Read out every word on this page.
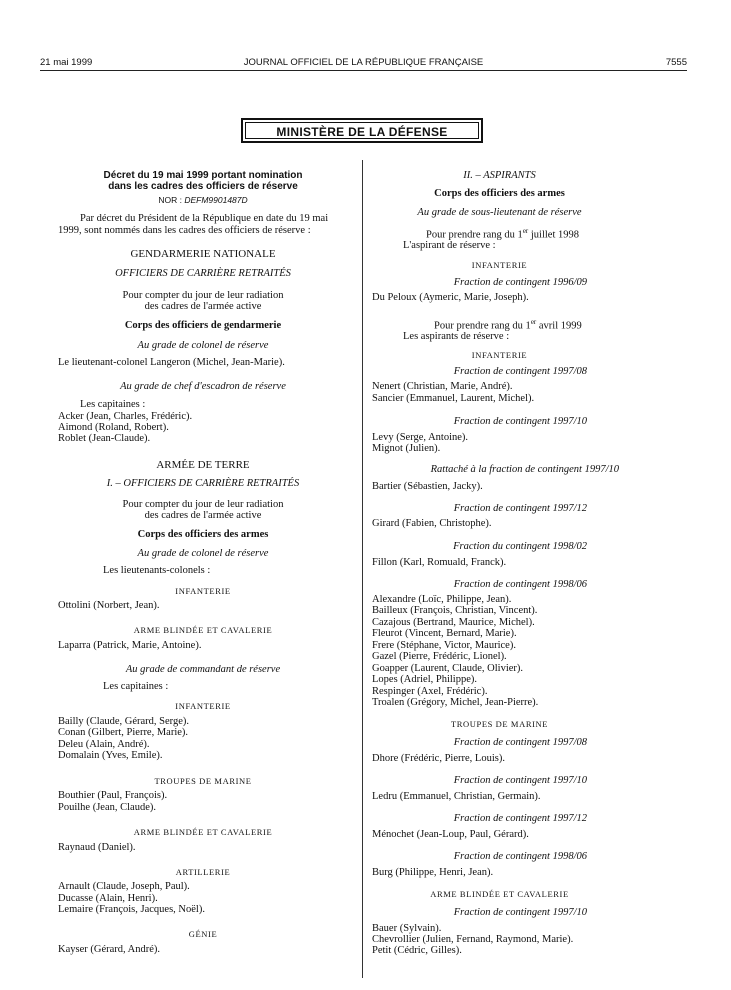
21 mai 1999	JOURNAL OFFICIEL DE LA RÉPUBLIQUE FRANÇAISE	7555
MINISTÈRE DE LA DÉFENSE
Décret du 19 mai 1999 portant nomination
dans les cadres des officiers de réserve
NOR : DEFM9901487D
Par décret du Président de la République en date du 19 mai
1999, sont nommés dans les cadres des officiers de réserve :
GENDARMERIE NATIONALE
OFFICIERS DE CARRIÈRE RETRAITÉS
Pour compter du jour de leur radiation
des cadres de l'armée active
Corps des officiers de gendarmerie
Au grade de colonel de réserve
Le lieutenant-colonel Langeron (Michel, Jean-Marie).
Au grade de chef d'escadron de réserve
Les capitaines :
Acker (Jean, Charles, Frédéric).
Aimond (Roland, Robert).
Roblet (Jean-Claude).
ARMÉE DE TERRE
I. – OFFICIERS DE CARRIÈRE RETRAITÉS
Pour compter du jour de leur radiation
des cadres de l'armée active
Corps des officiers des armes
Au grade de colonel de réserve
Les lieutenants-colonels :
INFANTERIE
Ottolini (Norbert, Jean).
ARME BLINDÉE ET CAVALERIE
Laparra (Patrick, Marie, Antoine).
Au grade de commandant de réserve
Les capitaines :
INFANTERIE
Bailly (Claude, Gérard, Serge).
Conan (Gilbert, Pierre, Marie).
Deleu (Alain, André).
Domalain (Yves, Emile).
TROUPES DE MARINE
Bouthier (Paul, François).
Pouilhe (Jean, Claude).
ARME BLINDÉE ET CAVALERIE
Raynaud (Daniel).
ARTILLERIE
Arnault (Claude, Joseph, Paul).
Ducasse (Alain, Henri).
Lemaire (François, Jacques, Noël).
GÉNIE
Kayser (Gérard, André).
II. – ASPIRANTS
Corps des officiers des armes
Au grade de sous-lieutenant de réserve
Pour prendre rang du 1er juillet 1998
L'aspirant de réserve :
INFANTERIE
Fraction de contingent 1996/09
Du Peloux (Aymeric, Marie, Joseph).
Pour prendre rang du 1er avril 1999
Les aspirants de réserve :
INFANTERIE
Fraction de contingent 1997/08
Nenert (Christian, Marie, André).
Sancier (Emmanuel, Laurent, Michel).
Fraction de contingent 1997/10
Levy (Serge, Antoine).
Mignot (Julien).
Rattaché à la fraction de contingent 1997/10
Bartier (Sébastien, Jacky).
Fraction de contingent 1997/12
Girard (Fabien, Christophe).
Fraction du contingent 1998/02
Fillon (Karl, Romuald, Franck).
Fraction de contingent 1998/06
Alexandre (Loïc, Philippe, Jean).
Bailleux (François, Christian, Vincent).
Cazajous (Bertrand, Maurice, Michel).
Fleurot (Vincent, Bernard, Marie).
Frere (Stéphane, Victor, Maurice).
Gazel (Pierre, Frédéric, Lionel).
Goapper (Laurent, Claude, Olivier).
Lopes (Adriel, Philippe).
Respinger (Axel, Frédéric).
Troalen (Grégory, Michel, Jean-Pierre).
TROUPES DE MARINE
Fraction de contingent 1997/08
Dhore (Frédéric, Pierre, Louis).
Fraction de contingent 1997/10
Ledru (Emmanuel, Christian, Germain).
Fraction de contingent 1997/12
Ménochet (Jean-Loup, Paul, Gérard).
Fraction de contingent 1998/06
Burg (Philippe, Henri, Jean).
ARME BLINDÉE ET CAVALERIE
Fraction de contingent 1997/10
Bauer (Sylvain).
Chevrollier (Julien, Fernand, Raymond, Marie).
Petit (Cédric, Gilles).
